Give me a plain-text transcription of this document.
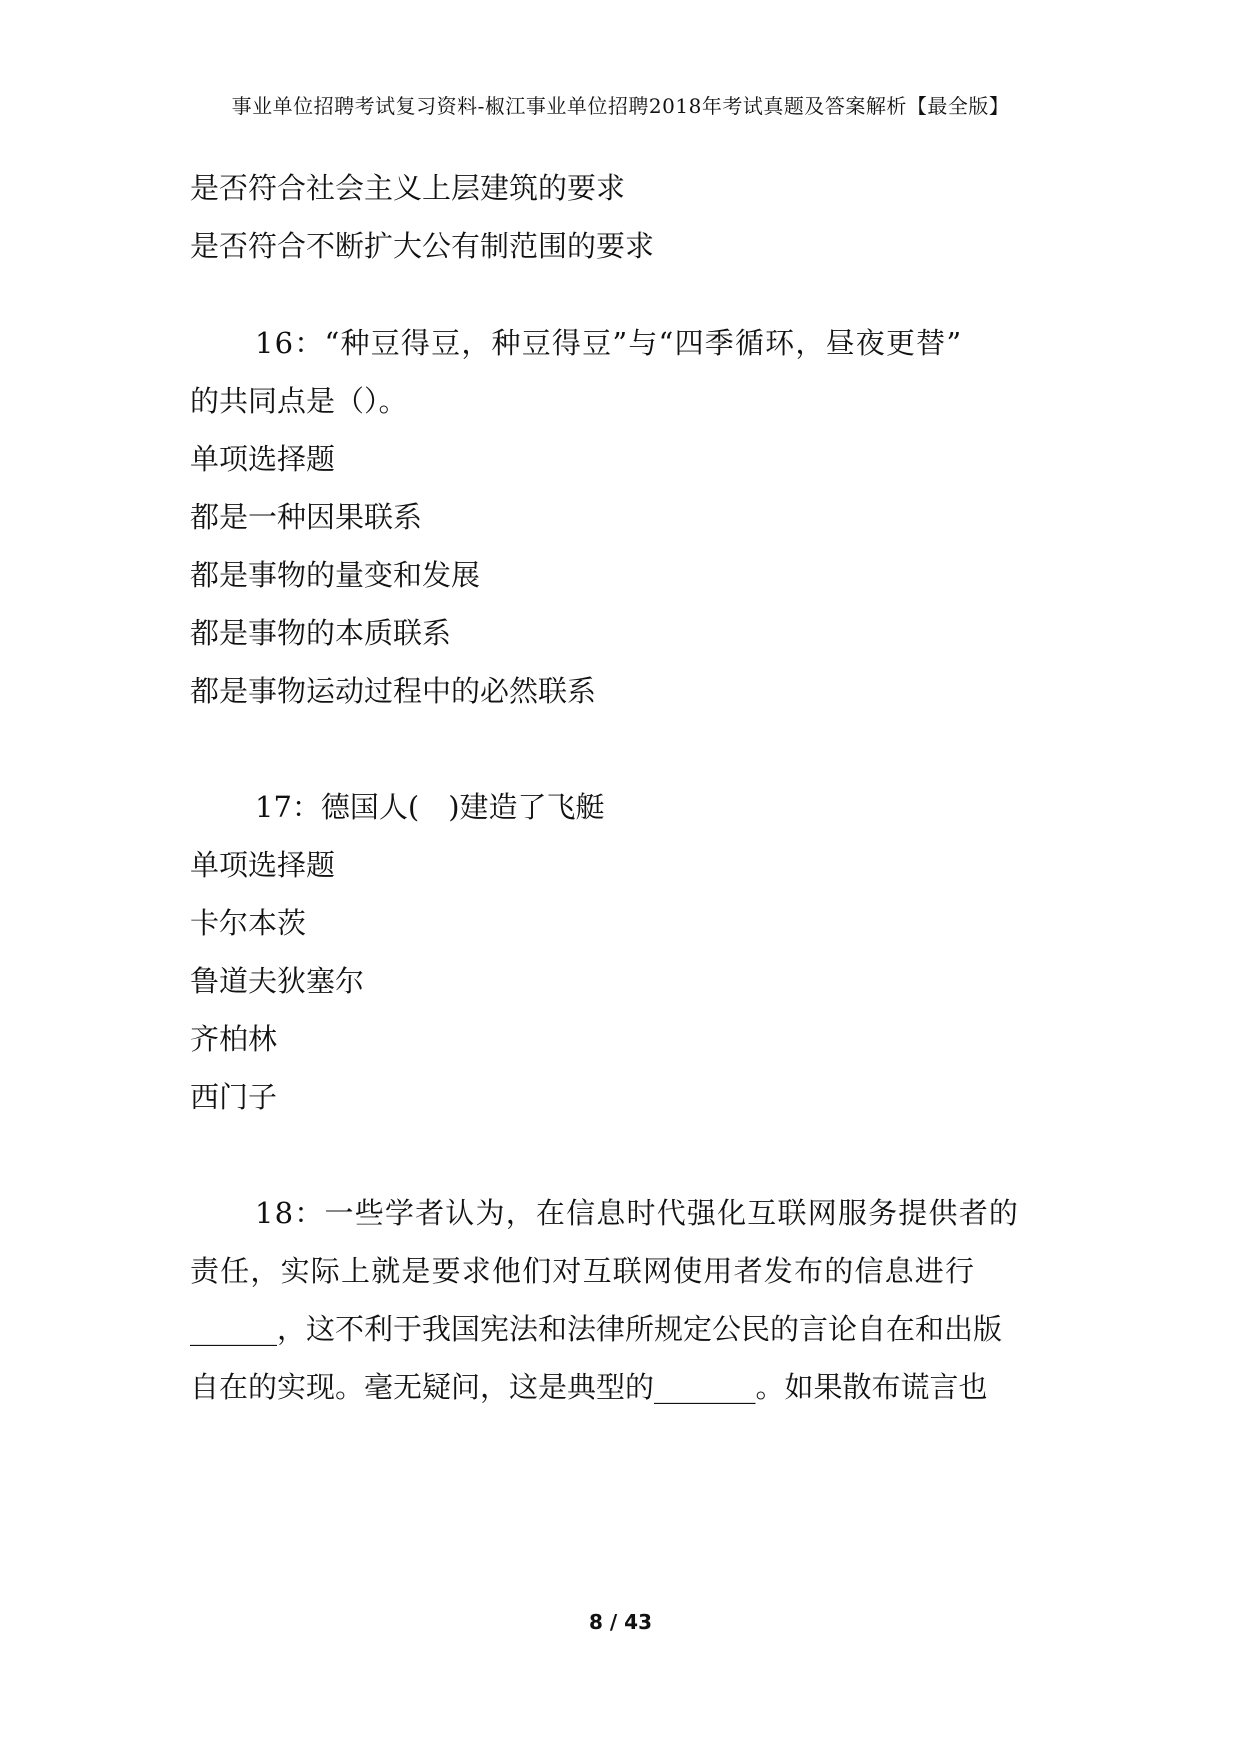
事业单位招聘考试复习资料-椒江事业单位招聘2018年考试真题及答案解析【最全版】
是否符合社会主义上层建筑的要求
是否符合不断扩大公有制范围的要求
16：“种豆得豆，种豆得豆”与“四季循环，昼夜更替”
的共同点是（）。
单项选择题
都是一种因果联系
都是事物的量变和发展
都是事物的本质联系
都是事物运动过程中的必然联系
17：德国人(　)建造了飞艇
单项选择题
卡尔本茨
鲁道夫狄塞尔
齐柏林
西门子
18：一些学者认为，在信息时代强化互联网服务提供者的
责任，实际上就是要求他们对互联网使用者发布的信息进行
______，这不利于我国宪法和法律所规定公民的言论自在和出版
自在的实现。毫无疑问，这是典型的_______。如果散布谎言也
8 / 43
